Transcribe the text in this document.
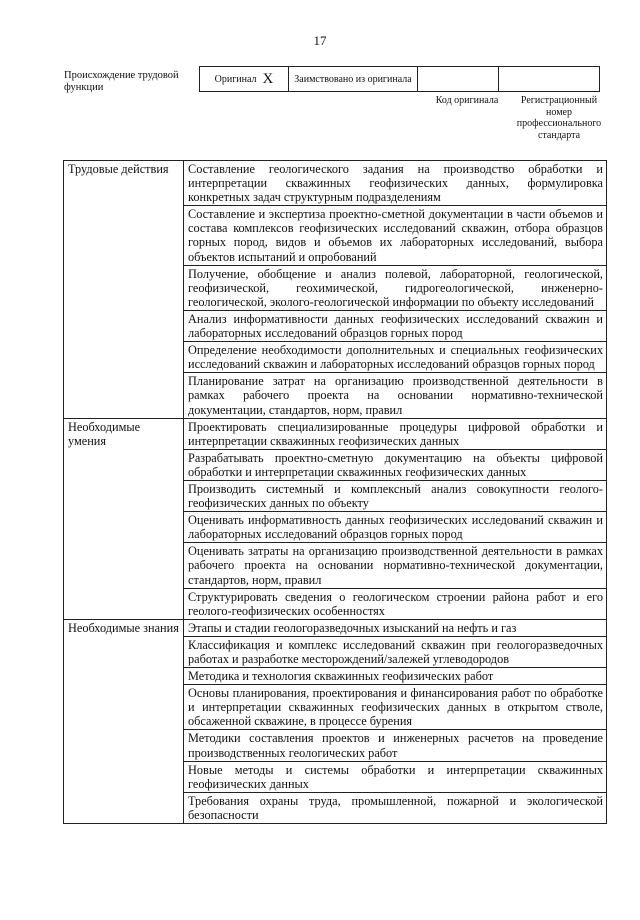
17
Происхождение трудовой функции
Оригинал X	Заимствовано из оригинала		
Код оригинала	Регистрационный номер профессионального стандарта
Трудовые действия	Составление геологического задания на производство обработки и интерпретации скважинных геофизических данных, формулировка конкретных задач структурным подразделениям
	Составление и экспертиза проектно-сметной документации в части объемов и состава комплексов геофизических исследований скважин, отбора образцов горных пород, видов и объемов их лабораторных исследований, выбора объектов испытаний и опробований
	Получение, обобщение и анализ полевой, лабораторной, геологической, геофизической, геохимической, гидрогеологической, инженерно-геологической, эколого-геологической информации по объекту исследований
	Анализ информативности данных геофизических исследований скважин и лабораторных исследований образцов горных пород
	Определение необходимости дополнительных и специальных геофизических исследований скважин и лабораторных исследований образцов горных пород
	Планирование затрат на организацию производственной деятельности в рамках рабочего проекта на основании нормативно-технической документации, стандартов, норм, правил

Необходимые умения	Проектировать специализированные процедуры цифровой обработки и интерпретации скважинных геофизических данных
	Разрабатывать проектно-сметную документацию на объекты цифровой обработки и интерпретации скважинных геофизических данных
	Производить системный и комплексный анализ совокупности геолого-геофизических данных по объекту
	Оценивать информативность данных геофизических исследований скважин и лабораторных исследований образцов горных пород
	Оценивать затраты на организацию производственной деятельности в рамках рабочего проекта на основании нормативно-технической документации, стандартов, норм, правил
	Структурировать сведения о геологическом строении района работ и его геолого-геофизических особенностях

Необходимые знания	Этапы и стадии геологоразведочных изысканий на нефть и газ
	Классификация и комплекс исследований скважин при геологоразведочных работах и разработке месторождений/залежей углеводородов
	Методика и технология скважинных геофизических работ
	Основы планирования, проектирования и финансирования работ по обработке и интерпретации скважинных геофизических данных в открытом стволе, обсаженной скважине, в процессе бурения
	Методики составления проектов и инженерных расчетов на проведение производственных геологических работ
	Новые методы и системы обработки и интерпретации скважинных геофизических данных
	Требования охраны труда, промышленной, пожарной и экологической безопасности
